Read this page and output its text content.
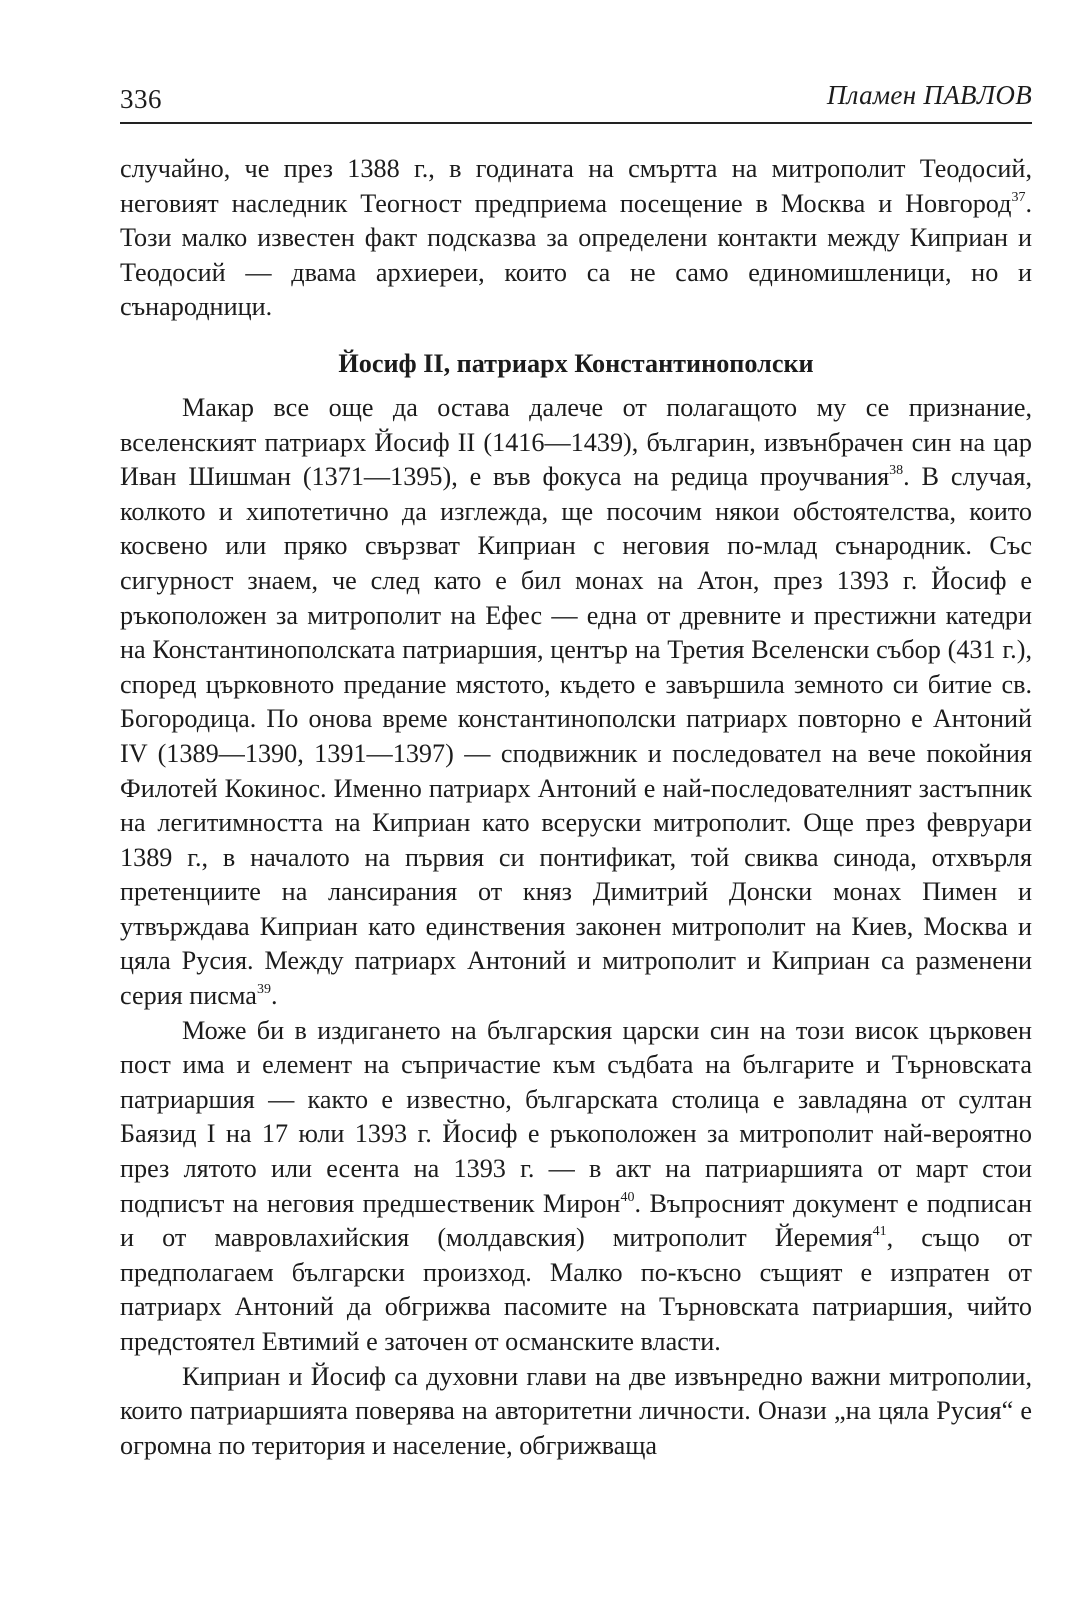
336	Пламен ПАВЛОВ

случайно, че през 1388 г., в годината на смъртта на митрополит Теодосий, неговият наследник Теогност предприема посещение в Москва и Новгород$^{37}$. Този малко известен факт подсказва за определени контакти между Киприан и Теодосий — двама архиереи, които са не само единомишленици, но и сънародници.

Йосиф II, патриарх Константинополски

Макар все още да остава далече от полагащото му се признание, вселенският патриарх Йосиф II (1416—1439), българин, извънбрачен син на цар Иван Шишман (1371—1395), е във фокуса на редица проучвания$^{38}$. В случая, колкото и хипотетично да изглежда, ще посочим някои обстоятелства, които косвено или пряко свързват Киприан с неговия по-млад сънародник. Със сигурност знаем, че след като е бил монах на Атон, през 1393 г. Йосиф е ръкоположен за митрополит на Ефес — една от древните и престижни катедри на Константинополската патриаршия, център на Третия Вселенски събор (431 г.), според църковното предание мястото, където е завършила земното си битие св. Богородица. По онова време константинополски патриарх повторно е Антоний IV (1389—1390, 1391—1397) — сподвижник и последовател на вече покойния Филотей Кокинос. Именно патриарх Антоний е най-последователният застъпник на легитимността на Киприан като всеруски митрополит. Още през февруари 1389 г., в началото на първия си понтификат, той свиква синода, отхвърля претенциите на лансирания от княз Димитрий Донски монах Пимен и утвърждава Киприан като единствения законен митрополит на Киев, Москва и цяла Русия. Между патриарх Антоний и митрополит и Киприан са разменени серия писма$^{39}$.

Може би в издигането на българския царски син на този висок църковен пост има и елемент на съпричастие към съдбата на българите и Търновската патриаршия — както е известно, българската столица е завладяна от султан Баязид I на 17 юли 1393 г. Йосиф е ръкоположен за митрополит най-вероятно през лятото или есента на 1393 г. — в акт на патриаршията от март стои подписът на неговия предшественик Мирон$^{40}$. Въпросният документ е подписан и от мавровлахийския (молдавския) митрополит Йеремия$^{41}$, също от предполагаем български произход. Малко по-късно същият е изпратен от патриарх Антоний да обгрижва пасомите на Търновската патриаршия, чийто предстоятел Евтимий е заточен от османските власти.

Киприан и Йосиф са духовни глави на две извънредно важни митрополии, които патриаршията поверява на авторитетни личности. Онази „на цяла Русия“ е огромна по територия и население, обгрижваща
